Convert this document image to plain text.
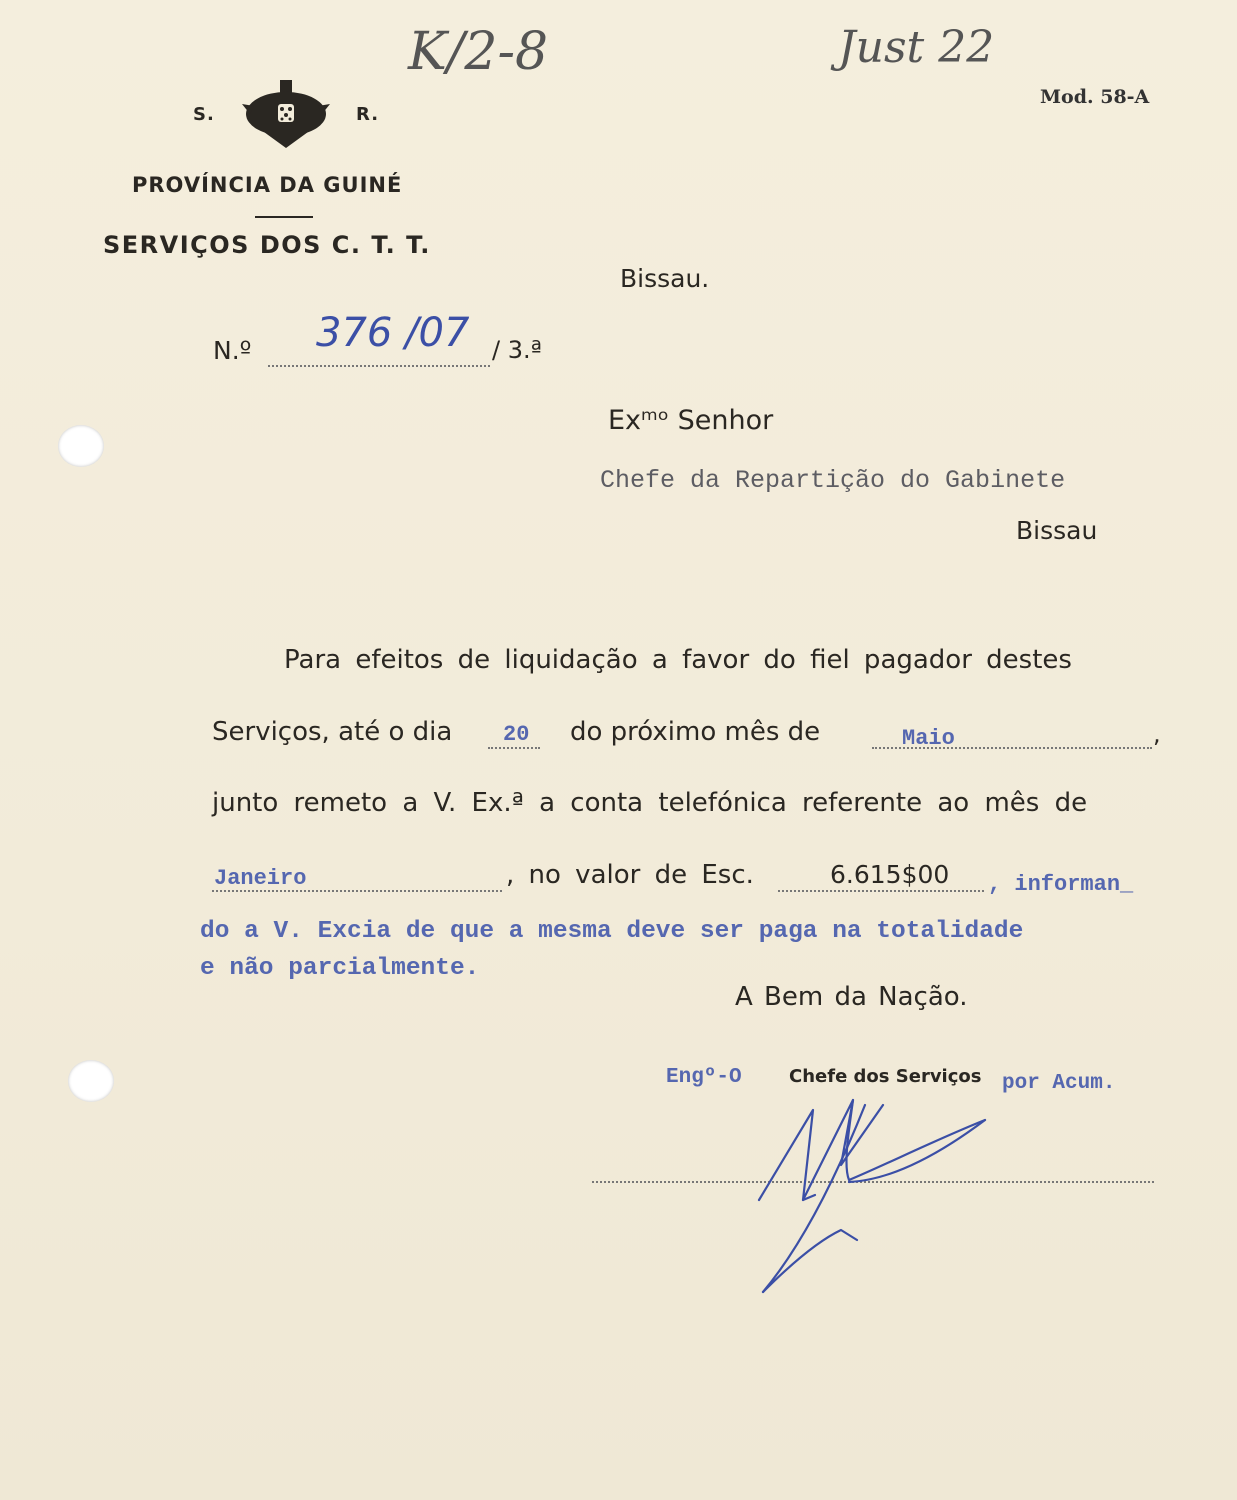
K/2-8	Just 22
Mod. 58-A
S.	R.
PROVÍNCIA DA GUINÉ
SERVIÇOS DOS C. T. T.
Bissau.
N.º 376 /07 / 3.ª
Exᵐᵒ Senhor
Chefe da Repartição do Gabinete
Bissau
Para efeitos de liquidação a favor do fiel pagador destes
Serviços, até o dia 20 do próximo mês de	Maio	,
junto remeto a V. Ex.ª a conta telefónica referente ao mês de
Janeiro	, no valor de Esc.	6.615$00 , informan_
do a V. Excia de que a mesma deve ser paga na totalidade
e não parcialmente.
A Bem da Nação.
Engº-O	Chefe dos Serviços por Acum.
